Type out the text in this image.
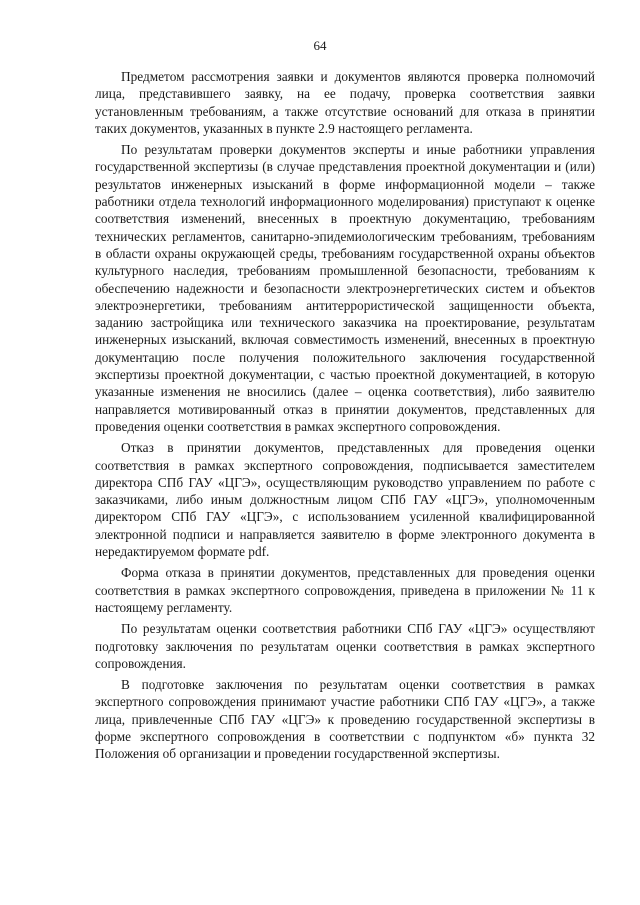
64

Предметом рассмотрения заявки и документов являются проверка полномочий лица, представившего заявку, на ее подачу, проверка соответствия заявки установленным требованиям, а также отсутствие оснований для отказа в принятии таких документов, указанных в пункте 2.9 настоящего регламента.

По результатам проверки документов эксперты и иные работники управления государственной экспертизы (в случае представления проектной документации и (или) результатов инженерных изысканий в форме информационной модели – также работники отдела технологий информационного моделирования) приступают к оценке соответствия изменений, внесенных в проектную документацию, требованиям технических регламентов, санитарно-эпидемиологическим требованиям, требованиям в области охраны окружающей среды, требованиям государственной охраны объектов культурного наследия, требованиям промышленной безопасности, требованиям к обеспечению надежности и безопасности электроэнергетических систем и объектов электроэнергетики, требованиям антитеррористической защищенности объекта, заданию застройщика или технического заказчика на проектирование, результатам инженерных изысканий, включая совместимость изменений, внесенных в проектную документацию после получения положительного заключения государственной экспертизы проектной документации, с частью проектной документацией, в которую указанные изменения не вносились (далее – оценка соответствия), либо заявителю направляется мотивированный отказ в принятии документов, представленных для проведения оценки соответствия в рамках экспертного сопровождения.

Отказ в принятии документов, представленных для проведения оценки соответствия в рамках экспертного сопровождения, подписывается заместителем директора СПб ГАУ «ЦГЭ», осуществляющим руководство управлением по работе с заказчиками, либо иным должностным лицом СПб ГАУ «ЦГЭ», уполномоченным директором СПб ГАУ «ЦГЭ», с использованием усиленной квалифицированной электронной подписи и направляется заявителю в форме электронного документа в нередактируемом формате pdf.

Форма отказа в принятии документов, представленных для проведения оценки соответствия в рамках экспертного сопровождения, приведена в приложении № 11 к настоящему регламенту.

По результатам оценки соответствия работники СПб ГАУ «ЦГЭ» осуществляют подготовку заключения по результатам оценки соответствия в рамках экспертного сопровождения.

В подготовке заключения по результатам оценки соответствия в рамках экспертного сопровождения принимают участие работники СПб ГАУ «ЦГЭ», а также лица, привлеченные СПб ГАУ «ЦГЭ» к проведению государственной экспертизы в форме экспертного сопровождения в соответствии с подпунктом «б» пункта 32 Положения об организации и проведении государственной экспертизы.
